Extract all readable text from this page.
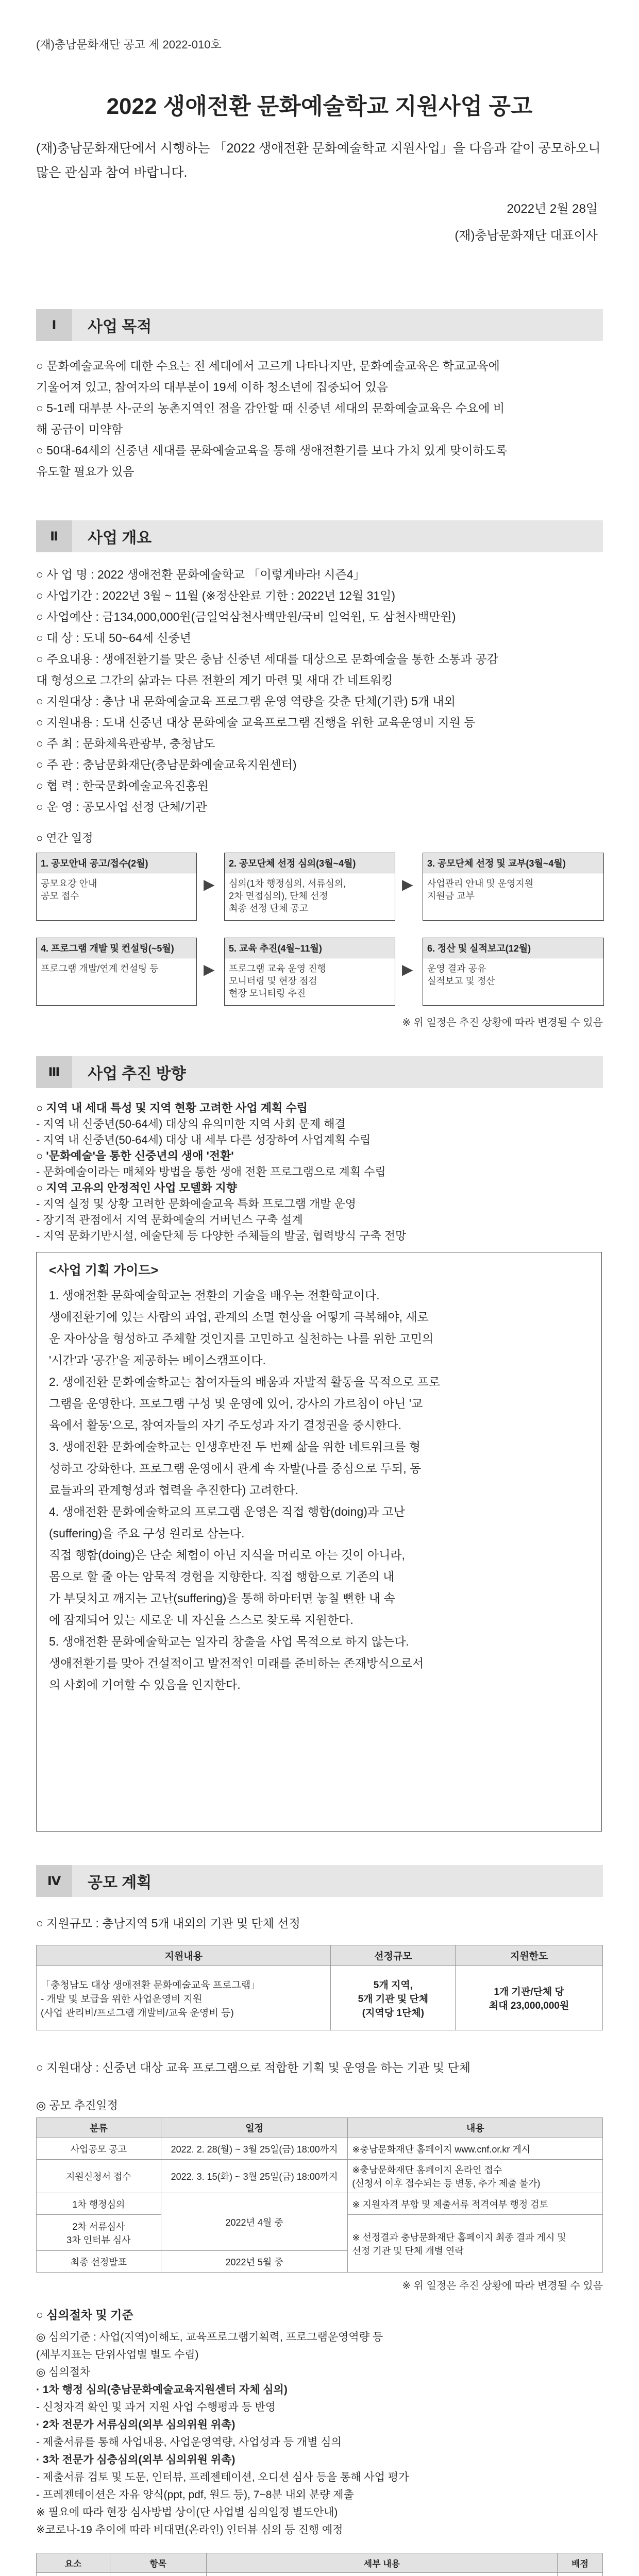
(재)충남문화재단 공고 제 2022-010호
2022 생애전환 문화예술학교 지원사업 공고
(재)충남문화재단에서 시행하는 「2022 생애전환 문화예술학교 지원사업」을 다음과 같이 공모하오니 많은 관심과 참여 바랍니다.
2022년 2월 28일
(재)충남문화재단 대표이사
Ⅰ	사업 목적
○ 문화예술교육에 대한 수요는 전 세대에서 고르게 나타나지만, 문화예술교육은 학교교육에
기울어져 있고, 참여자의 대부분이 19세 이하 청소년에 집중되어 있음
○ 5-1레 대부분 사-군의 농촌지역인 점을 감안할 때 신중년 세대의 문화예술교육은 수요에 비
해 공급이 미약함
○ 50대-64세의 신중년 세대를 문화예술교육을 통해 생애전환기를 보다 가치 있게 맞이하도록
유도할 필요가 있음
Ⅱ	사업 개요
○ 사 업 명 : 2022 생애전환 문화예술학교 「이렇게바라! 시즌4」
○ 사업기간 : 2022년 3월 ~ 11월 (※정산완료 기한 : 2022년 12월 31일)
○ 사업예산 : 금134,000,000원(금일억삼천사백만원/국비 일억원, 도 삼천사백만원)
○ 대 상 : 도내 50~64세 신중년
○ 주요내용 : 생애전환기를 맞은 충남 신중년 세대를 대상으로 문화예술을 통한 소통과 공감
대 형성으로 그간의 삶과는 다른 전환의 계기 마련 및 새대 간 네트워킹
○ 지원대상 : 충남 내 문화예술교육 프로그램 운영 역량을 갖춘 단체(기관) 5개 내외
○ 지원내용 : 도내 신중년 대상 문화예술 교육프로그램 진행을 위한 교육운영비 지원 등
○ 주 최 : 문화체육관광부, 충청남도
○ 주 관 : 충남문화재단(충남문화예술교육지원센터)
○ 협 력 : 한국문화예술교육진흥원
○ 운 영 : 공모사업 선정 단체/기관
○ 연간 일정
1. 공모안내 공고/접수(2월)
공모요강 안내
공모 접수
▶
2. 공모단체 선정 심의(3월~4월)
심의(1차 행정심의, 서류심의,
2차 면접심의), 단체 선정
최종 선정 단체 공고
▶
3. 공모단체 선정 및 교부(3월~4월)
사업관리 안내 및 운영지원
지원금 교부
4. 프로그램 개발 및 컨설팅(~5월)
프로그램 개발/연계 컨설팅 등	▶
5. 교육 추진(4월~11월)
프로그램 교육 운영 진행
모니터링 및 현장 점검
현장 모니터링 추진
▶
6. 정산 및 실적보고(12월)
운영 결과 공유
실적보고 및 정산
※ 위 일정은 추진 상황에 따라 변경될 수 있음
Ⅲ	사업 추진 방향
○ 지역 내 세대 특성 및 지역 현황 고려한 사업 계획 수립
- 지역 내 신중년(50-64세) 대상의 유의미한 지역 사회 문제 해결
- 지역 내 신중년(50-64세) 대상 내 세부 다른 성장하여 사업계획 수립
○ '문화예술'을 통한 신중년의 생애 '전환'
- 문화예술이라는 매체와 방법을 통한 생애 전환 프로그램으로 계획 수립
○ 지역 고유의 안정적인 사업 모델화 지향
- 지역 실정 및 상황 고려한 문화예술교육 특화 프로그램 개발 운영
- 장기적 관점에서 지역 문화예술의 거버넌스 구축 설계
- 지역 문화기반시설, 예술단체 등 다양한 주체들의 발굴, 협력방식 구축 전망
<사업 기획 가이드>
1. 생애전환 문화예술학교는 전환의 기술을 배우는 전환학교이다.
생애전환기에 있는 사람의 과업, 관계의 소멸 현상을 어떻게 극복해야, 새로
운 자아상을 형성하고 주체할 것인지를 고민하고 실천하는 나를 위한 고민의
'시간'과 '공간'을 제공하는 베이스캠프이다.
2. 생애전환 문화예술학교는 참여자들의 배움과 자발적 활동을 목적으로 프로
그램을 운영한다. 프로그램 구성 및 운영에 있어, 강사의 가르침이 아닌 '교
육에서 활동'으로, 참여자들의 자기 주도성과 자기 결정권을 중시한다.
3. 생애전환 문화예술학교는 인생후반전 두 번째 삶을 위한 네트워크를 형
성하고 강화한다. 프로그램 운영에서 관계 속 자발(나를 중심으로 두되, 동
료들과의 관계형성과 협력을 추진한다) 고려한다.
4. 생애전환 문화예술학교의 프로그램 운영은 직접 행함(doing)과 고난
(suffering)을 주요 구성 원리로 삼는다.
직접 행함(doing)은 단순 체험이 아닌 지식을 머리로 아는 것이 아니라,
몸으로 할 줄 아는 암묵적 경험을 지향한다. 직접 행함으로 기존의 내
가 부딪치고 깨지는 고난(suffering)을 통해 하마터면 놓칠 뻔한 내 속
에 잠재되어 있는 새로운 내 자신을 스스로 찾도록 지원한다.
5. 생애전환 문화예술학교는 일자리 창출을 사업 목적으로 하지 않는다.
생애전환기를 맞아 건설적이고 발전적인 미래를 준비하는 존재방식으로서
의 사회에 기여할 수 있음을 인지한다.
Ⅳ	공모 계획
○ 지원규모 : 충남지역 5개 내외의 기관 및 단체 선정
지원내용	선정규모	지원한도
「충청남도 대상 생애전환 문화예술교육 프로그램」
- 개발 및 보급을 위한 사업운영비 지원
(사업 관리비/프로그램 개발비/교육 운영비 등)	5개 지역,
5개 기관 및 단체
(지역당 1단체)	1개 기관/단체 당
최대 23,000,000원
○ 지원대상 : 신중년 대상 교육 프로그램으로 적합한 기획 및 운영을 하는 기관 및 단체
◎ 공모 추진일정
분류	일정	내용
사업공모 공고	2022. 2. 28(월) ~ 3월 25일(금) 18:00까지	※충남문화재단 홈페이지 www.cnf.or.kr 게시
지원신청서 접수	2022. 3. 15(화) ~ 3월 25일(금) 18:00까지	※충남문화재단 홈페이지 온라인 접수
(신청서 이후 접수되는 등 변동, 추가 제출 불가)
1차 행정심의	2022년 4월 중	※ 지원자격 부합 및 제출서류 적격여부 행정 검토
2차 서류심사
3차 인터뷰 심사		※ 선정결과 충남문화재단 홈페이지 최종 결과 게시 및
선정 기관 및 단체 개별 연락
최종 선정발표	2022년 5월 중	
※ 위 일정은 추진 상황에 따라 변경될 수 있음
○ 심의절차 및 기준
◎ 심의기준 : 사업(지역)이해도, 교육프로그램기획력, 프로그램운영역량 등
(세부지표는 단위사업별 별도 수립)
◎ 심의절차
· 1차 행정 심의(충남문화예술교육지원센터 자체 심의)
- 신청자격 확인 및 과거 지원 사업 수행평과 등 반영
· 2차 전문가 서류심의(외부 심의위원 위촉)
- 제출서류를 통해 사업내용, 사업운영역량, 사업성과 등 개별 심의
· 3차 전문가 심층심의(외부 심의위원 위촉)
- 제출서류 검토 및 도문, 인터뷰, 프레젠테이션, 오디션 심사 등을 통해 사업 평가
- 프레젠테이션은 자유 양식(ppt, pdf, 원드 등), 7~8분 내외 분량 제출
※ 필요에 따라 현장 심사방법 상이(단 사업별 심의일정 별도안내)
※코로나-19 추이에 따라 비대면(온라인) 인터뷰 심의 등 진행 예정
요소	항목	세부 내용	배점
